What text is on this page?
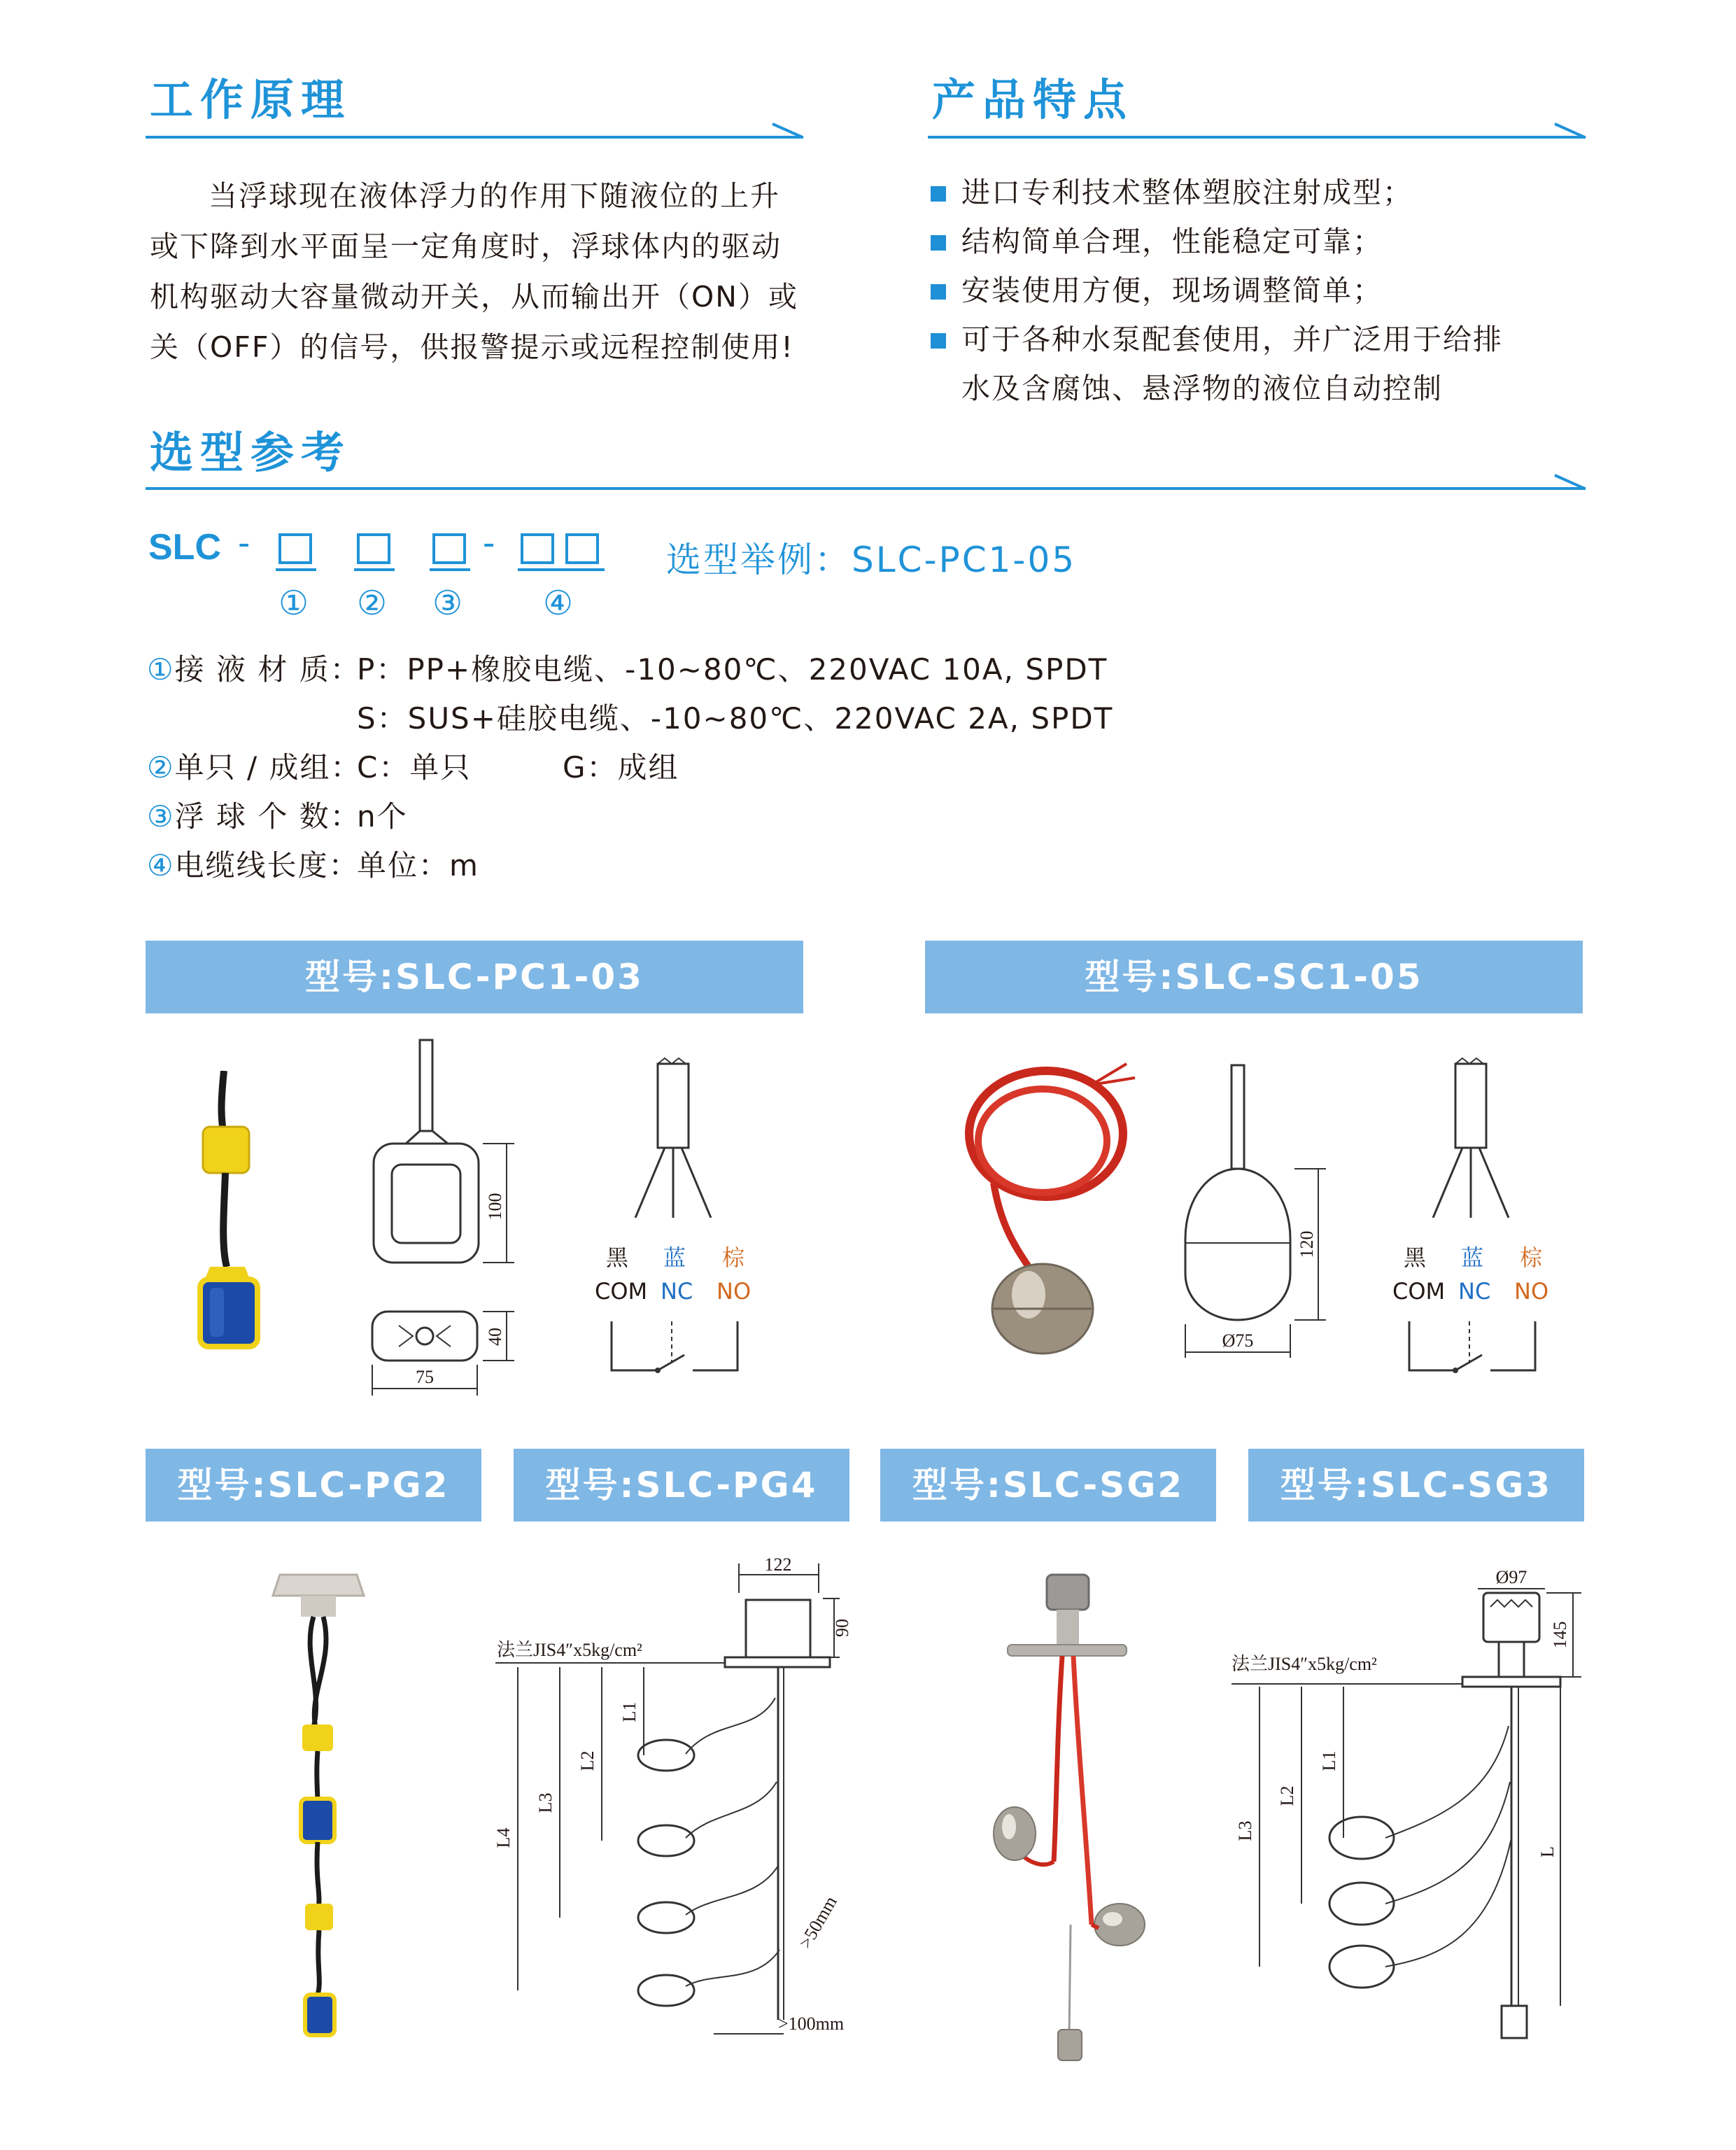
工作原理
当浮球现在液体浮力的作用下随液位的上升
或下降到水平面呈一定角度时，浮球体内的驱动
机构驱动大容量微动开关，从而输出开（ON）或
关（OFF）的信号，供报警提示或远程控制使用!
产品特点
进口专利技术整体塑胶注射成型；
结构简单合理，性能稳定可靠；
安装使用方便，现场调整简单；
可于各种水泵配套使用，并广泛用于给排
水及含腐蚀、悬浮物的液位自动控制
选型参考
SLC -	-
① ② ③ ④
选型举例：SLC-PC1-05
①接 液 材 质：
P：PP+橡胶电缆、-10~80℃、220VAC 10A, SPDT
S：SUS+硅胶电缆、-10~80℃、220VAC 2A, SPDT
②单只 / 成组：
C：单只	G：成组
③浮 球 个 数：
n个
④电缆线长度：
单位：m
型号:SLC-PC1-03	型号:SLC-SC1-05
100
40
75
黑 蓝 棕
COM NC NO
120
Ø75
黑 蓝 棕
COM NC NO
型号:SLC-PG2	型号:SLC-PG4	型号:SLC-SG2	型号:SLC-SG3
122
90
法兰JIS4″x5kg/cm²
L1
L2
L3
L4
>50mm
>100mm
Ø97
145
法兰JIS4″x5kg/cm²
L1
L2
L3
L
